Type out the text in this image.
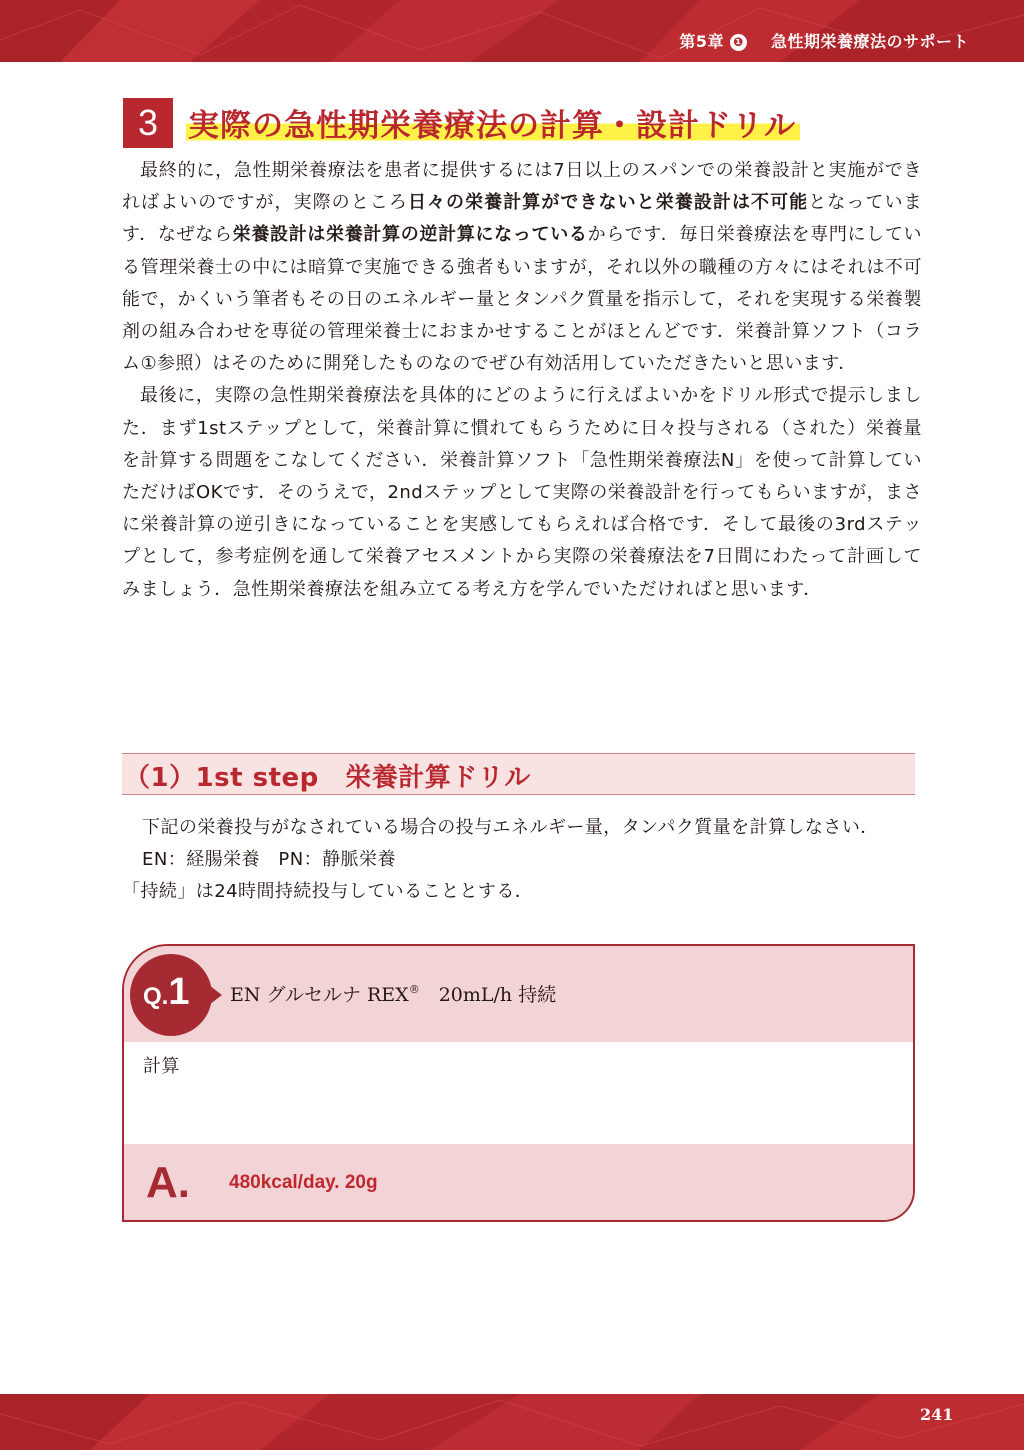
第5章 ❶ 急性期栄養療法のサポート
3 実際の急性期栄養療法の計算・設計ドリル

最終的に，急性期栄養療法を患者に提供するには7日以上のスパンでの栄養設計と実施ができればよいのですが，実際のところ日々の栄養計算ができないと栄養設計は不可能となっています．なぜなら栄養設計は栄養計算の逆計算になっているからです．毎日栄養療法を専門にしている管理栄養士の中には暗算で実施できる強者もいますが，それ以外の職種の方々にはそれは不可能で，かくいう筆者もその日のエネルギー量とタンパク質量を指示して，それを実現する栄養製剤の組み合わせを専従の管理栄養士におまかせすることがほとんどです．栄養計算ソフト（コラム①参照）はそのために開発したものなのでぜひ有効活用していただきたいと思います．

最後に，実際の急性期栄養療法を具体的にどのように行えばよいかをドリル形式で提示しました．まず1stステップとして，栄養計算に慣れてもらうために日々投与される（された）栄養量を計算する問題をこなしてください．栄養計算ソフト「急性期栄養療法N」を使って計算していただけばOKです．そのうえで，2ndステップとして実際の栄養設計を行ってもらいますが，まさに栄養計算の逆引きになっていることを実感してもらえれば合格です．そして最後の3rdステップとして，参考症例を通して栄養アセスメントから実際の栄養療法を7日間にわたって計画してみましょう．急性期栄養療法を組み立てる考え方を学んでいただければと思います．

（1）1st step　栄養計算ドリル
下記の栄養投与がなされている場合の投与エネルギー量，タンパク質量を計算しなさい．
EN：経腸栄養　PN：静脈栄養
「持続」は24時間持続投与していることとする．
計算
A. 480kcal/day. 20g
Q.1 EN グルセルナ REX®　20mL/h 持続
241
